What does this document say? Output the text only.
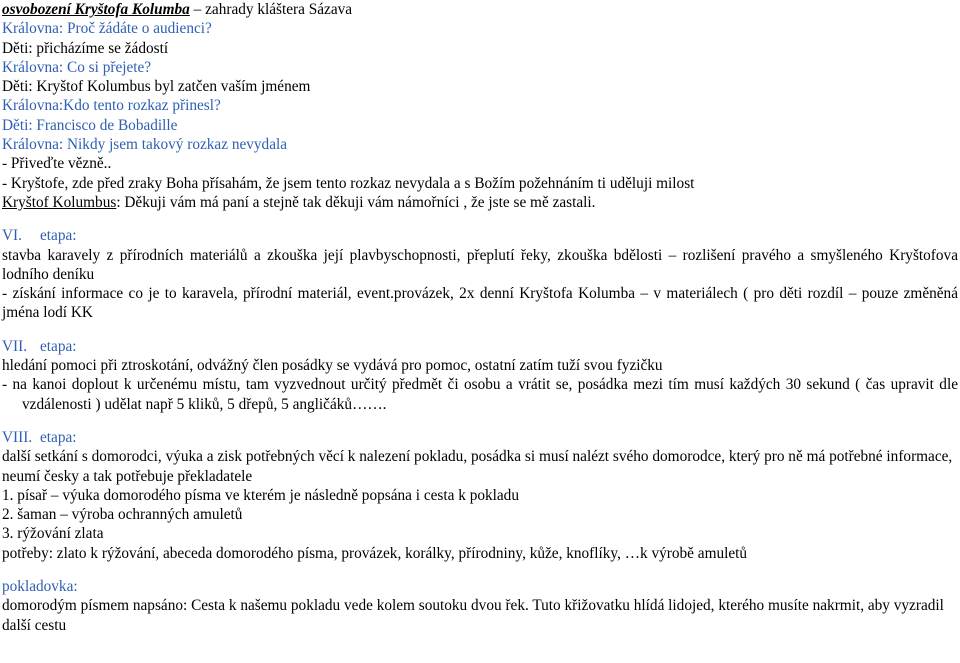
osvobození Kryštofa Kolumba – zahrady kláštera Sázava
Královna: Proč žádáte o audienci?
Děti: přicházíme se žádostí
Královna: Co si přejete?
Děti: Kryštof Kolumbus byl zatčen vaším jménem
Královna:Kdo tento rozkaz přinesl?
Děti: Francisco de Bobadille
Královna: Nikdy jsem takový rozkaz nevydala
- Přiveďte vězně..
- Kryštofe, zde před zraky Boha přísahám, že jsem tento rozkaz nevydala a s Božím požehnáním ti uděluji milost
Kryštof Kolumbus: Děkuji vám má paní a stejně tak děkuji vám námořníci , že jste se mě zastali.
VI. etapa:
stavba karavely z přírodních materiálů a zkouška její plavbyschopnosti, přeplutí řeky, zkouška bdělosti – rozlišení pravého a smyšleného Kryštofova lodního deníku
- získání informace co je to karavela, přírodní materiál, event.provázek, 2x denní Kryštofa Kolumba – v materiálech ( pro děti rozdíl – pouze změněná jména lodí KK
VII. etapa:
hledání pomoci při ztroskotání, odvážný člen posádky se vydává pro pomoc, ostatní zatím tuží svou fyzičku
- na kanoi doplout k určenému místu, tam vyzvednout určitý předmět či osobu a vrátit se, posádka mezi tím musí každých 30 sekund ( čas upravit dle vzdálenosti ) udělat např 5 kliků, 5 dřepů, 5 angličáků…….
VIII. etapa:
další setkání s domorodci, výuka a zisk potřebných věcí k nalezení pokladu, posádka si musí nalézt svého domorodce, který pro ně má potřebné informace, neumí česky a tak potřebuje překladatele
1. písař – výuka domorodého písma ve kterém je následně popsána i cesta k pokladu
2. šaman – výroba ochranných amuletů
3. rýžování zlata
potřeby: zlato k rýžování, abeceda domorodého písma, provázek, korálky, přírodniny, kůže, knoflíky, …k výrobě amuletů
pokladovka:
domorodým písmem napsáno: Cesta k našemu pokladu vede kolem soutoku dvou řek. Tuto křižovatku hlídá lidojed, kterého musíte nakrmit, aby vyzradil další cestu
